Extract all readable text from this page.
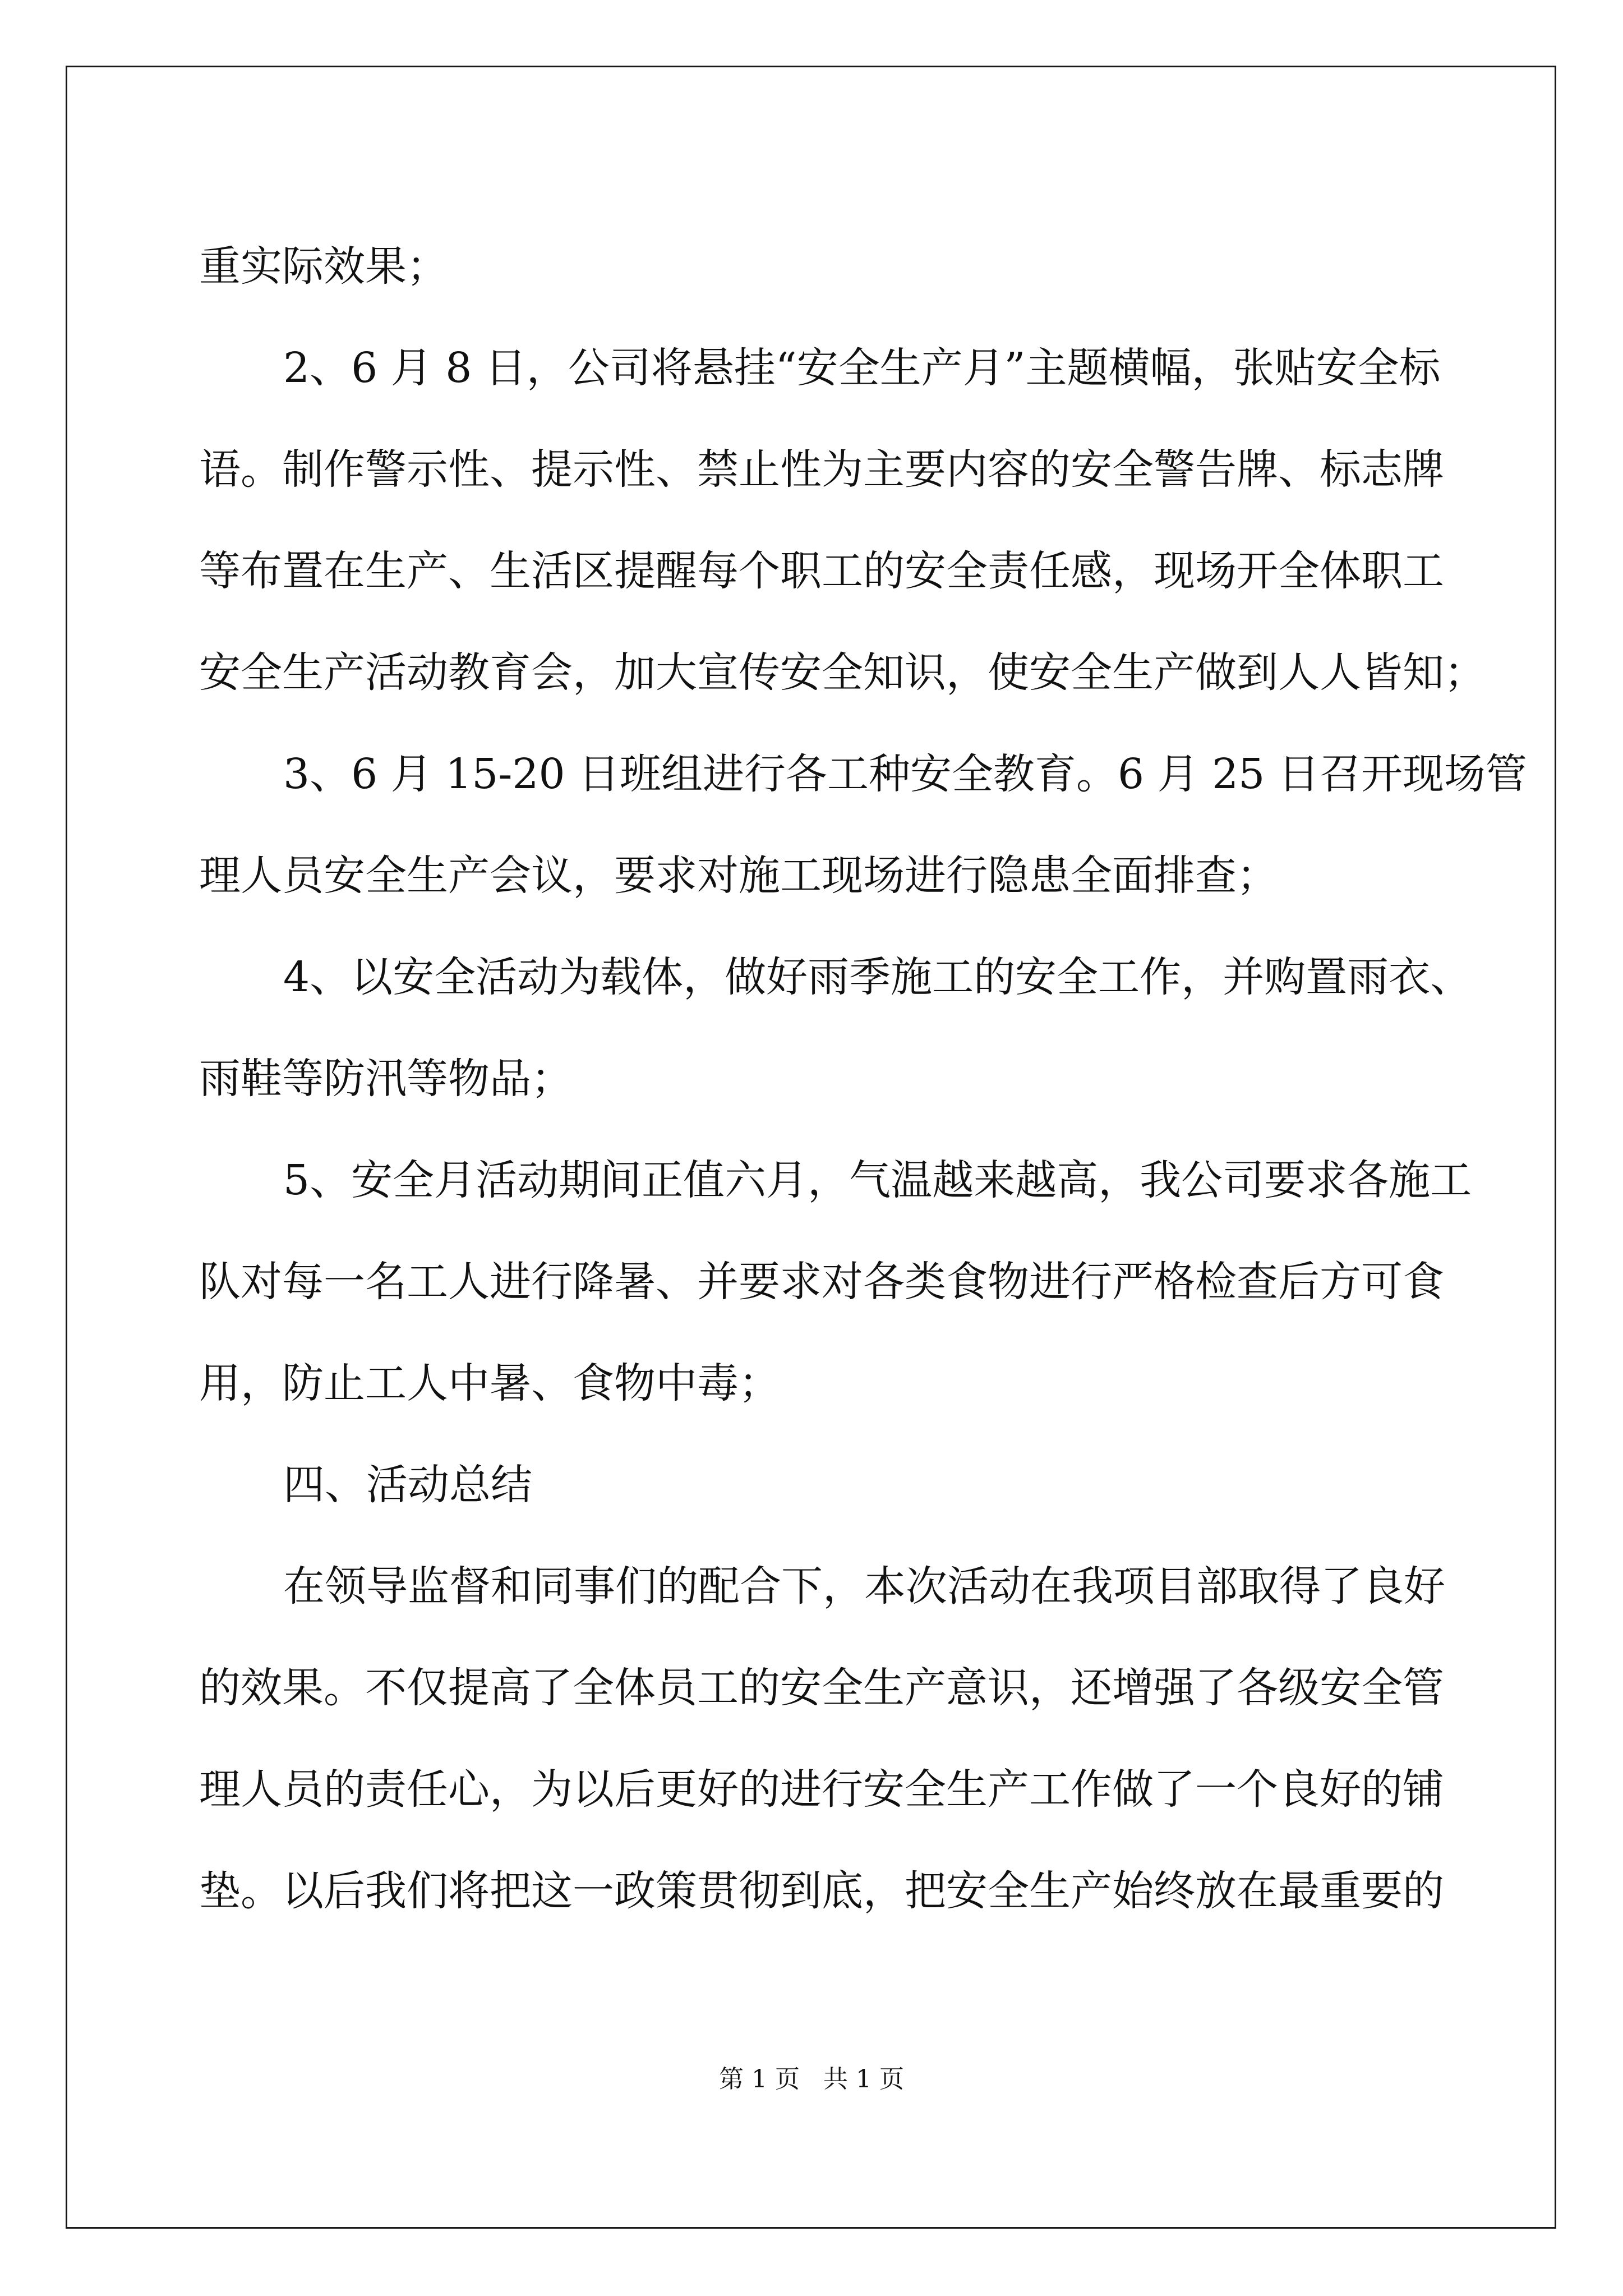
重实际效果；
2、6 月 8 日，公司将悬挂“安全生产月”主题横幅，张贴安全标
语。制作警示性、提示性、禁止性为主要内容的安全警告牌、标志牌
等布置在生产、生活区提醒每个职工的安全责任感，现场开全体职工
安全生产活动教育会，加大宣传安全知识，使安全生产做到人人皆知；
3、6 月 15-20 日班组进行各工种安全教育。6 月 25 日召开现场管
理人员安全生产会议，要求对施工现场进行隐患全面排查；
4、以安全活动为载体，做好雨季施工的安全工作，并购置雨衣、
雨鞋等防汛等物品；
5、安全月活动期间正值六月，气温越来越高，我公司要求各施工
队对每一名工人进行降暑、并要求对各类食物进行严格检查后方可食
用，防止工人中暑、食物中毒；
四、活动总结
在领导监督和同事们的配合下，本次活动在我项目部取得了良好
的效果。不仅提高了全体员工的安全生产意识，还增强了各级安全管
理人员的责任心，为以后更好的进行安全生产工作做了一个良好的铺
垫。以后我们将把这一政策贯彻到底，把安全生产始终放在最重要的
第 1 页   共 1 页
